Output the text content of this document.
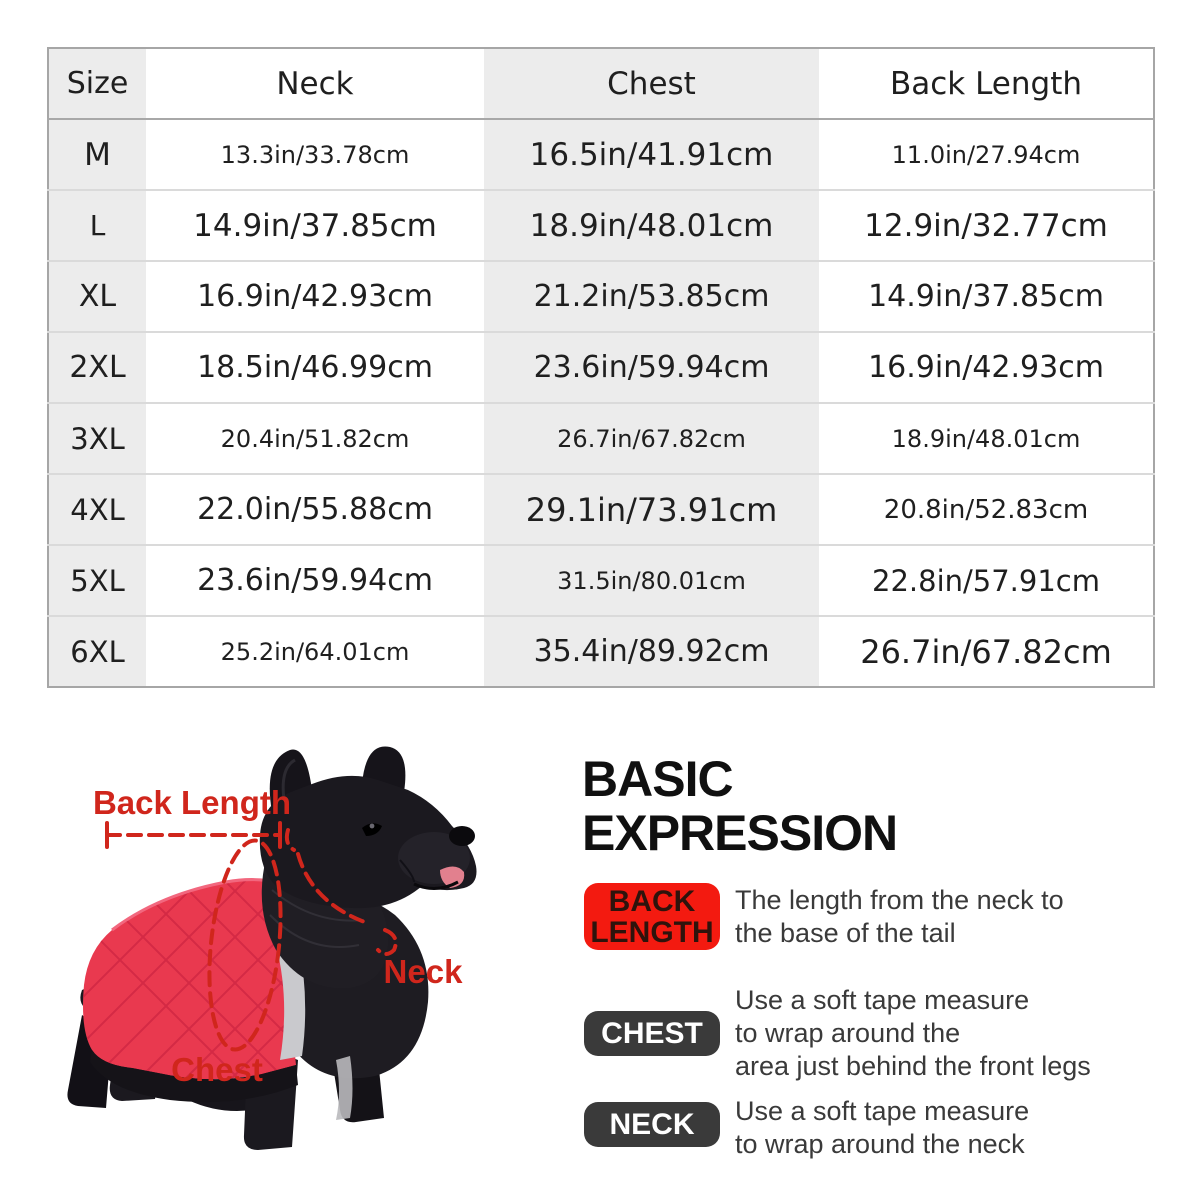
Size	Neck	Chest	Back Length
M	13.3in/33.78cm	16.5in/41.91cm	11.0in/27.94cm
L	14.9in/37.85cm	18.9in/48.01cm	12.9in/32.77cm
XL	16.9in/42.93cm	21.2in/53.85cm	14.9in/37.85cm
2XL	18.5in/46.99cm	23.6in/59.94cm	16.9in/42.93cm
3XL	20.4in/51.82cm	26.7in/67.82cm	18.9in/48.01cm
4XL	22.0in/55.88cm	29.1in/73.91cm	20.8in/52.83cm
5XL	23.6in/59.94cm	31.5in/80.01cm	22.8in/57.91cm
6XL	25.2in/64.01cm	35.4in/89.92cm	26.7in/67.82cm
Back Length
Neck
Chest
BASIC
EXPRESSION
BACK
LENGTH
The length from the neck to
the base of the tail
CHEST
Use a soft tape measure
to wrap around the
area just behind the front legs
NECK Use a soft tape measure
to wrap around the neck
